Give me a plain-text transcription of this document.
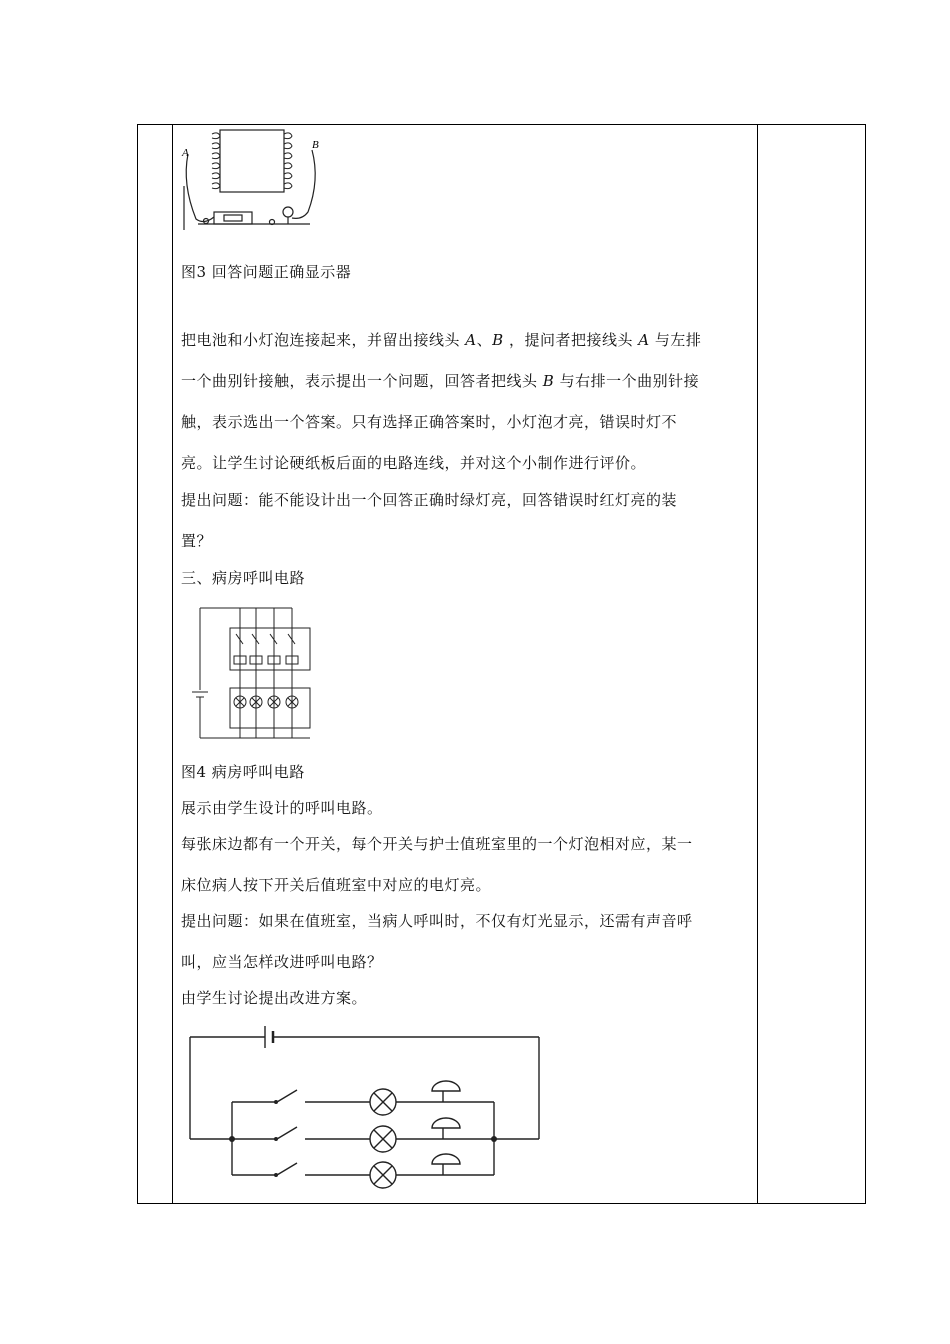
A
B
图3 回答问题正确显示器
把电池和小灯泡连接起来，并留出接线头 A、B ，提问者把接线头 A 与左排
一个曲别针接触，表示提出一个问题，回答者把线头 B 与右排一个曲别针接
触，表示选出一个答案。只有选择正确答案时，小灯泡才亮，错误时灯不
亮。让学生讨论硬纸板后面的电路连线，并对这个小制作进行评价。
提出问题：能不能设计出一个回答正确时绿灯亮，回答错误时红灯亮的装
置？
三、病房呼叫电路
图4 病房呼叫电路
展示由学生设计的呼叫电路。
每张床边都有一个开关，每个开关与护士值班室里的一个灯泡相对应，某一
床位病人按下开关后值班室中对应的电灯亮。
提出问题：如果在值班室，当病人呼叫时，不仅有灯光显示，还需有声音呼
叫，应当怎样改进呼叫电路？
由学生讨论提出改进方案。
